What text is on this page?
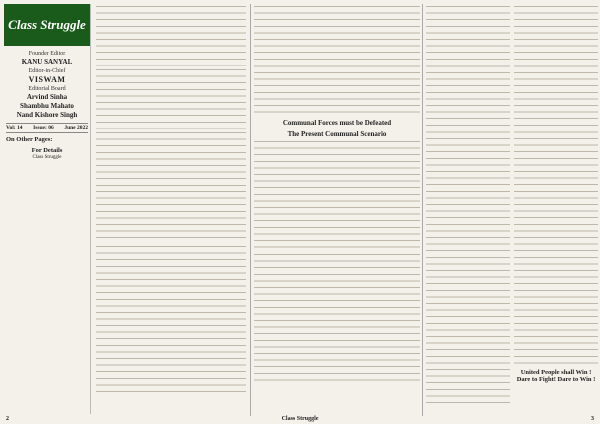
Class Struggle
Founder Editor
KANU SANYAL
Editor-in-Chief
VISWAM
Editorial Board
Arvind Sinha
Shambhu Mahato
Nand Kishore Singh
Vol: 14 Issue: 06 June 2022
On Other Pages:
For Details
Class Struggle
Communal Forces must be Defeated
The Present Communal Scenario
United People shall Win ! Dare to Fight! Dare to Win !
2	Class Struggle	3
